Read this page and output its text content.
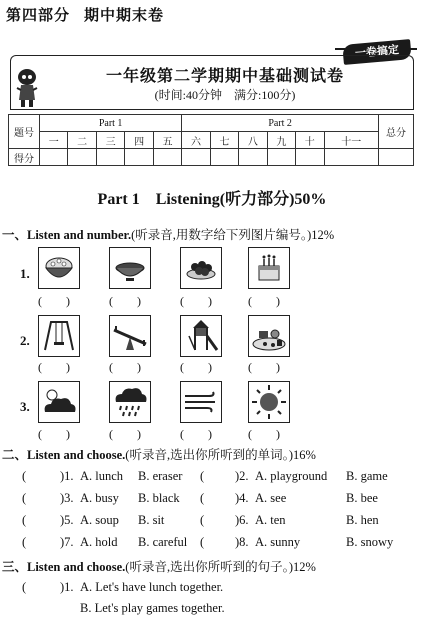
第四部分 期中期末卷
一卷搞定
一年级第二学期期中基础测试卷
(时间:40分钟　满分:100分)
题号	Part 1					Part 2						总分
	一	二	三	四	五	六	七	八	九	十	十一	
得分												
Part 1　Listening(听力部分)50%
一、Listen and number.(听录音,用数字给下列图片编号。)12%
1.
(　　)	(　　)	(　　)	(　　)
2.
(　　)	(　　)	(　　)	(　　)
3.
(　　)	(　　)	(　　)	(　　)
二、Listen and choose.(听录音,选出你所听到的单词。)16%
(	)1. A. lunch B. eraser ( )2. A. playground B. game
(	)3. A. busy B. black ( )4. A. see	B. bee
(	)5. A. soup B. sit	( )6. A. ten	B. hen
(	)7. A. hold B. careful ( )8. A. sunny	B. snowy
三、Listen and choose.(听录音,选出你所听到的句子。)12%
(	)1. A. Let's have lunch together.
B. Let's play games together.
